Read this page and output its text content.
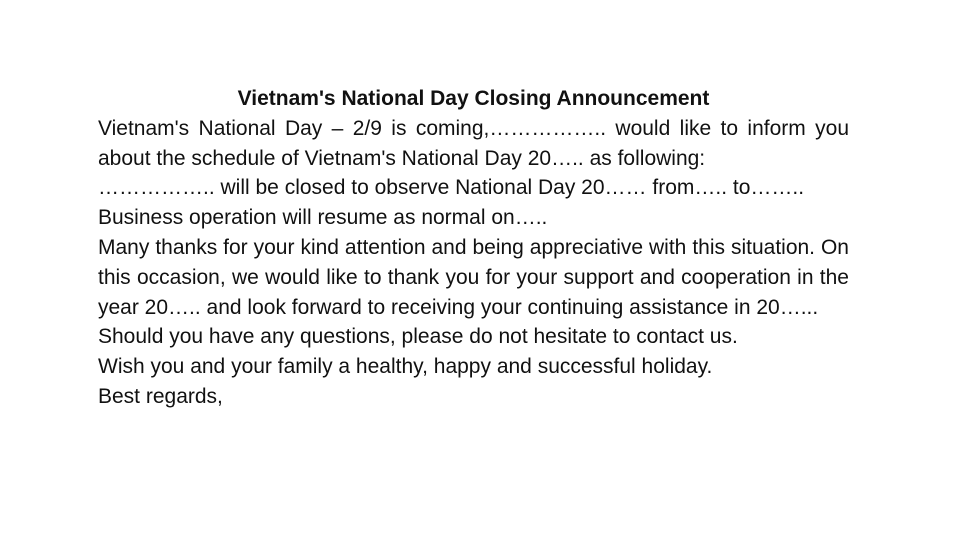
Vietnam's National Day Closing Announcement

Vietnam's National Day – 2/9 is coming,…………….. would like to inform you about the schedule of Vietnam's National Day 20….. as following:

…………….. will be closed to observe National Day 20…… from….. to……..

Business operation will resume as normal on…..

Many thanks for your kind attention and being appreciative with this situation. On this occasion, we would like to thank you for your support and cooperation in the year 20….. and look forward to receiving your continuing assistance in 20…...

Should you have any questions, please do not hesitate to contact us.

Wish you and your family a healthy, happy and successful holiday.

Best regards,
